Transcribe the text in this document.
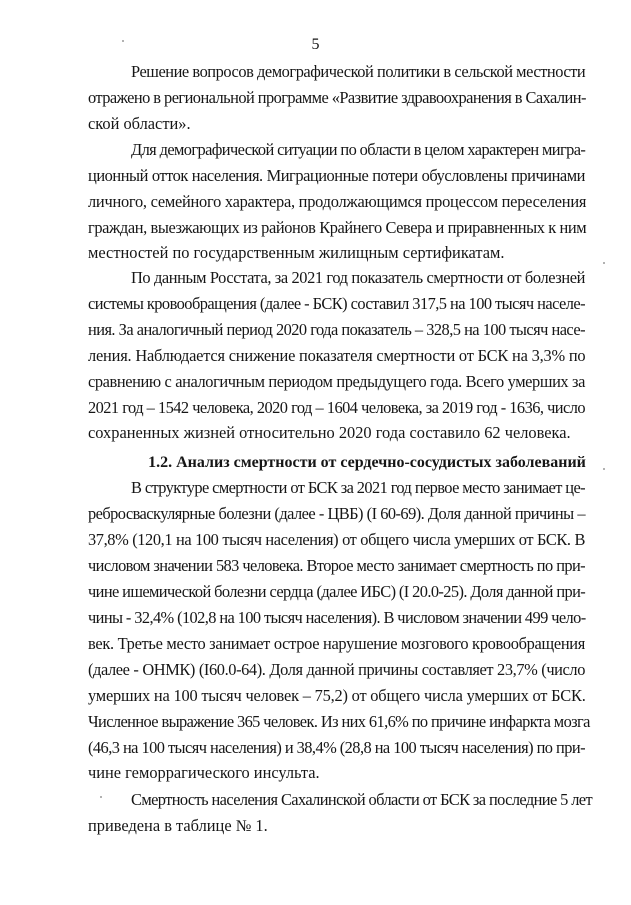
5
Решение вопросов демографической политики в сельской местности
отражено в региональной программе «Развитие здравоохранения в Сахалин-
ской области».
Для демографической ситуации по области в целом характерен мигра-
ционный отток населения. Миграционные потери обусловлены причинами
личного, семейного характера, продолжающимся процессом переселения
граждан, выезжающих из районов Крайнего Севера и приравненных к ним
местностей по государственным жилищным сертификатам.
По данным Росстата, за 2021 год показатель смертности от болезней
системы кровообращения (далее - БСК) составил 317,5 на 100 тысяч населе-
ния. За аналогичный период 2020 года показатель – 328,5 на 100 тысяч насе-
ления. Наблюдается снижение показателя смертности от БСК на 3,3% по
сравнению с аналогичным периодом предыдущего года. Всего умерших за
2021 год – 1542 человека, 2020 год – 1604 человека, за 2019 год - 1636, число
сохраненных жизней относительно 2020 года составило 62 человека.
1.2. Анализ смертности от сердечно-сосудистых заболеваний
В структуре смертности от БСК за 2021 год первое место занимает це-
ребросваскулярные болезни (далее - ЦВБ) (I 60-69). Доля данной причины –
37,8% (120,1 на 100 тысяч населения) от общего числа умерших от БСК. В
числовом значении 583 человека. Второе место занимает смертность по при-
чине ишемической болезни сердца (далее ИБС) (I 20.0-25). Доля данной при-
чины - 32,4% (102,8 на 100 тысяч населения). В числовом значении 499 чело-
век. Третье место занимает острое нарушение мозгового кровообращения
(далее - ОНМК) (I60.0-64). Доля данной причины составляет 23,7% (число
умерших на 100 тысяч человек – 75,2) от общего числа умерших от БСК.
Численное выражение 365 человек. Из них 61,6% по причине инфаркта мозга
(46,3 на 100 тысяч населения) и 38,4% (28,8 на 100 тысяч населения) по при-
чине геморрагического инсульта.
Смертность населения Сахалинской области от БСК за последние 5 лет
приведена в таблице № 1.
